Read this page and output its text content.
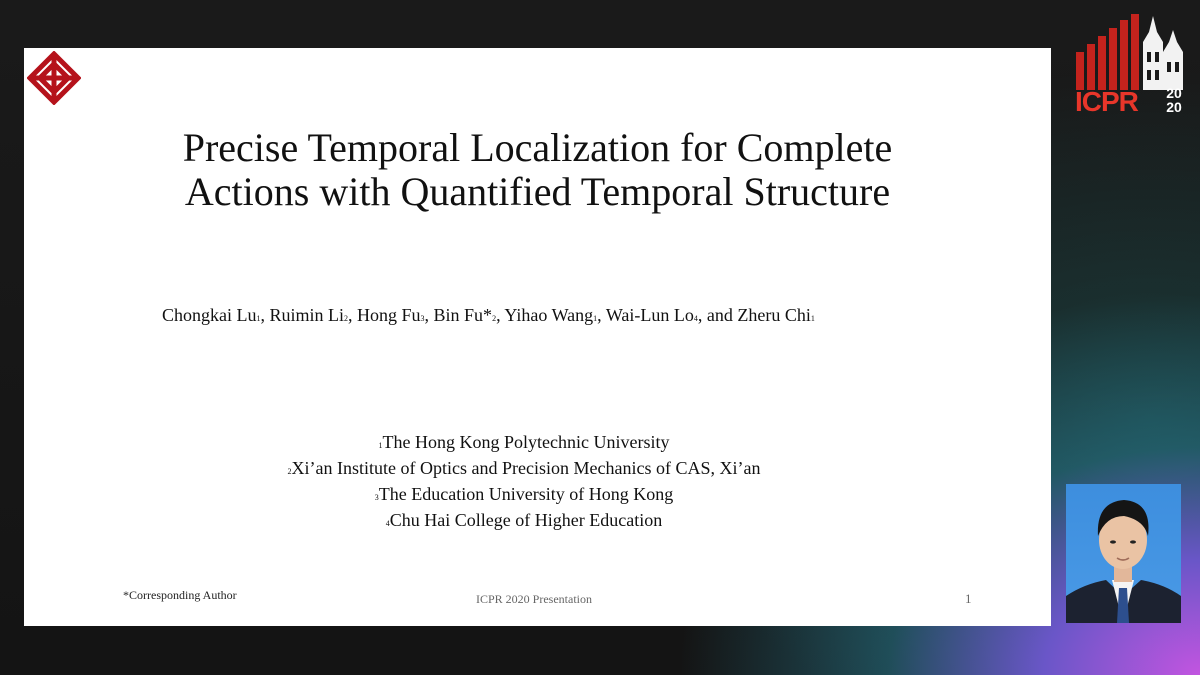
Precise Temporal Localization for Complete
Actions with Quantified Temporal Structure
Chongkai Lu1, Ruimin Li2, Hong Fu3, Bin Fu*2, Yihao Wang1, Wai-Lun Lo4, and Zheru Chi1
1The Hong Kong Polytechnic University
2Xi’an Institute of Optics and Precision Mechanics of CAS, Xi’an
3The Education University of Hong Kong
4Chu Hai College of Higher Education
*Corresponding Author	ICPR 2020 Presentation	1
ICPR	20
20
